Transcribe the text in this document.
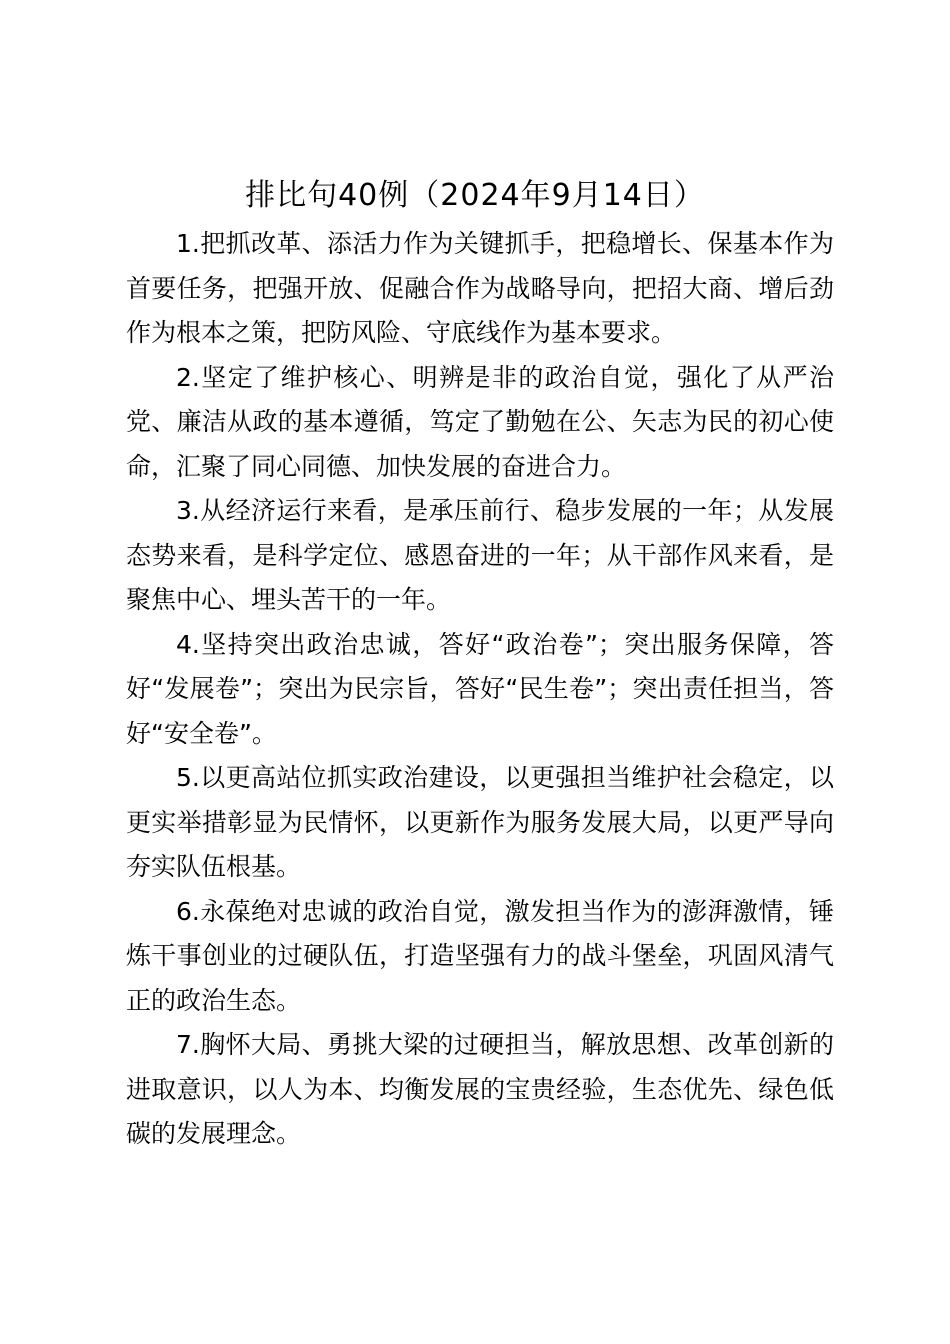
排比句40例（2024年9月14日）

1.把抓改革、添活力作为关键抓手，把稳增长、保基本作为首要任务，把强开放、促融合作为战略导向，把招大商、增后劲作为根本之策，把防风险、守底线作为基本要求。

2.坚定了维护核心、明辨是非的政治自觉，强化了从严治党、廉洁从政的基本遵循，笃定了勤勉在公、矢志为民的初心使命，汇聚了同心同德、加快发展的奋进合力。

3.从经济运行来看，是承压前行、稳步发展的一年；从发展态势来看，是科学定位、感恩奋进的一年；从干部作风来看，是聚焦中心、埋头苦干的一年。

4.坚持突出政治忠诚，答好“政治卷”；突出服务保障，答好“发展卷”；突出为民宗旨，答好“民生卷”；突出责任担当，答好“安全卷”。

5.以更高站位抓实政治建设，以更强担当维护社会稳定，以更实举措彰显为民情怀，以更新作为服务发展大局，以更严导向夯实队伍根基。

6.永葆绝对忠诚的政治自觉，激发担当作为的澎湃激情，锤炼干事创业的过硬队伍，打造坚强有力的战斗堡垒，巩固风清气正的政治生态。

7.胸怀大局、勇挑大梁的过硬担当，解放思想、改革创新的进取意识，以人为本、均衡发展的宝贵经验，生态优先、绿色低碳的发展理念。
